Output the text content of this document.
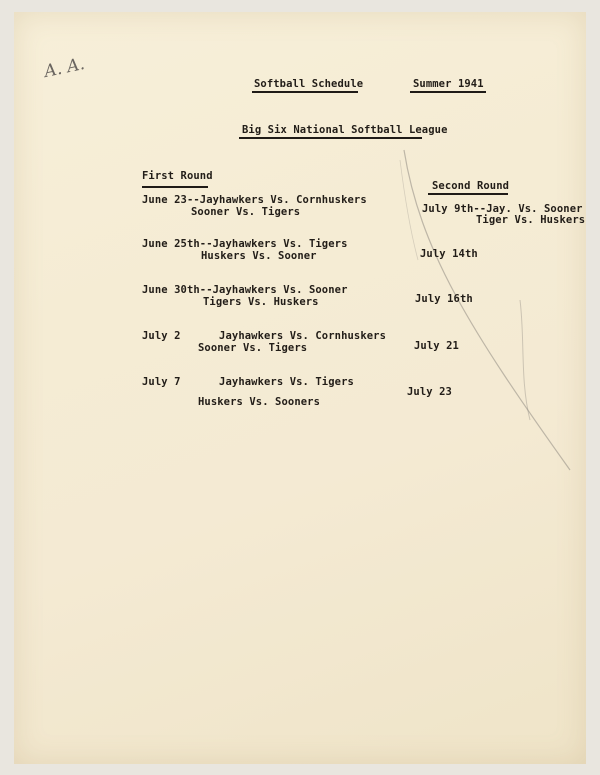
A. A.
Softball Schedule	Summer 1941
Big Six National Softball League
First Round
Second Round
June 23--Jayhawkers Vs. Cornhuskers
Sooner Vs. Tigers
June 25th--Jayhawkers Vs. Tigers
Huskers Vs. Sooner
June 30th--Jayhawkers Vs. Sooner
Tigers Vs. Huskers
July 2      Jayhawkers Vs. Cornhuskers
Sooner Vs. Tigers
July 7      Jayhawkers Vs. Tigers
Huskers Vs. Sooners
July 9th--Jay. Vs. Sooner
Tiger Vs. Huskers
July 14th
July 16th
July 21
July 23
